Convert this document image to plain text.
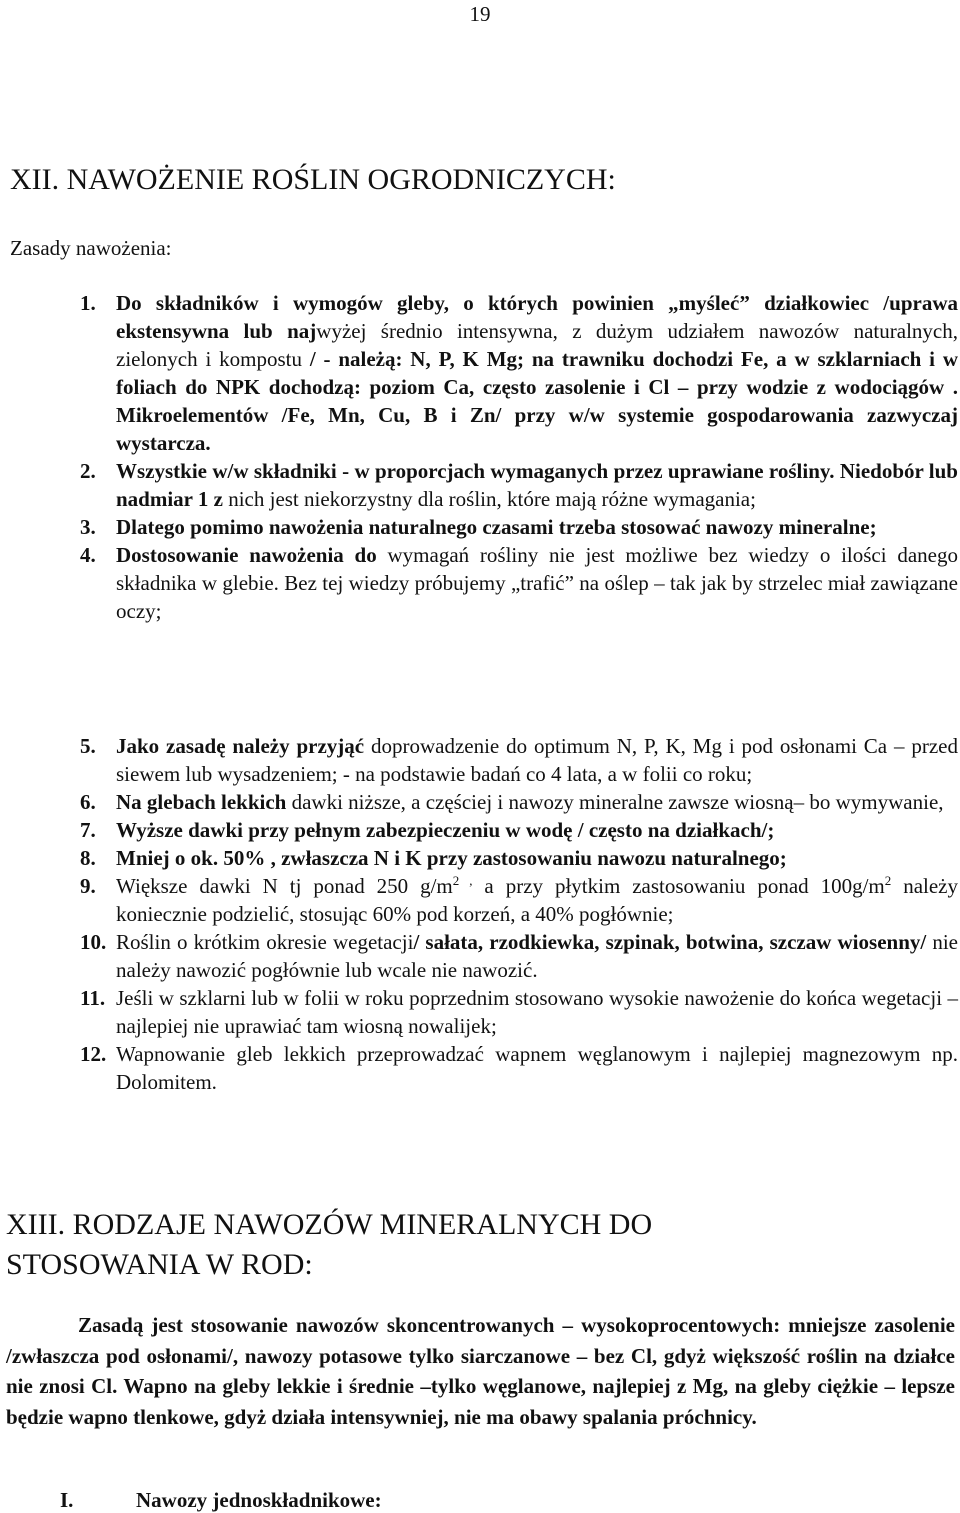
19
XII. NAWOŻENIE ROŚLIN OGRODNICZYCH:
Zasady nawożenia:
1. Do składników i wymogów gleby, o których powinien „myśleć” działkowiec /uprawa ekstensywna lub najwyżej średnio intensywna, z dużym udziałem nawozów naturalnych, zielonych i kompostu / - należą: N, P, K Mg; na trawniku dochodzi Fe, a w szklarniach i w foliach do NPK dochodzą: poziom Ca, często zasolenie i Cl – przy wodzie z wodociągów . Mikroelementów /Fe, Mn, Cu, B i Zn/ przy w/w systemie gospodarowania zazwyczaj wystarcza.
2. Wszystkie w/w składniki - w proporcjach wymaganych przez uprawiane rośliny. Niedobór lub nadmiar 1 z nich jest niekorzystny dla roślin, które mają różne wymagania;
3. Dlatego pomimo nawożenia naturalnego czasami trzeba stosować nawozy mineralne;
4. Dostosowanie nawożenia do wymagań rośliny nie jest możliwe bez wiedzy o ilości danego składnika w glebie. Bez tej wiedzy próbujemy „trafić” na oślep – tak jak by strzelec miał zawiązane oczy;
5. Jako zasadę należy przyjąć doprowadzenie do optimum N, P, K, Mg i pod osłonami Ca – przed siewem lub wysadzeniem; - na podstawie badań co 4 lata, a w folii co roku;
6. Na glebach lekkich dawki niższe, a częściej i nawozy mineralne zawsze wiosną– bo wymywanie,
7. Wyższe dawki przy pełnym zabezpieczeniu w wodę / często na działkach/;
8. Mniej o ok. 50% , zwłaszcza N i K przy zastosowaniu nawozu naturalnego;
9. Większe dawki N tj ponad 250 $g/m^{2 ,}$ a przy płytkim zastosowaniu ponad $100g/m^2$ należy koniecznie podzielić, stosując 60% pod korzeń, a 40% pogłównie;
10. Roślin o krótkim okresie wegetacji/ sałata, rzodkiewka, szpinak, botwina, szczaw wiosenny/ nie należy nawozić pogłównie lub wcale nie nawozić.
11. Jeśli w szklarni lub w folii w roku poprzednim stosowano wysokie nawożenie do końca wegetacji – najlepiej nie uprawiać tam wiosną nowalijek;
12. Wapnowanie gleb lekkich przeprowadzać wapnem węglanowym i najlepiej magnezowym np. Dolomitem.
XIII. RODZAJE NAWOZÓW MINERALNYCH DO STOSOWANIA W ROD:
Zasadą jest stosowanie nawozów skoncentrowanych – wysokoprocentowych: mniejsze zasolenie /zwłaszcza pod osłonami/, nawozy potasowe tylko siarczanowe – bez Cl, gdyż większość roślin na działce nie znosi Cl. Wapno na gleby lekkie i średnie –tylko węglanowe, najlepiej z Mg, na gleby ciężkie – lepsze będzie wapno tlenkowe, gdyż działa intensywniej, nie ma obawy spalania próchnicy.
I.	Nawozy jednoskładnikowe:
